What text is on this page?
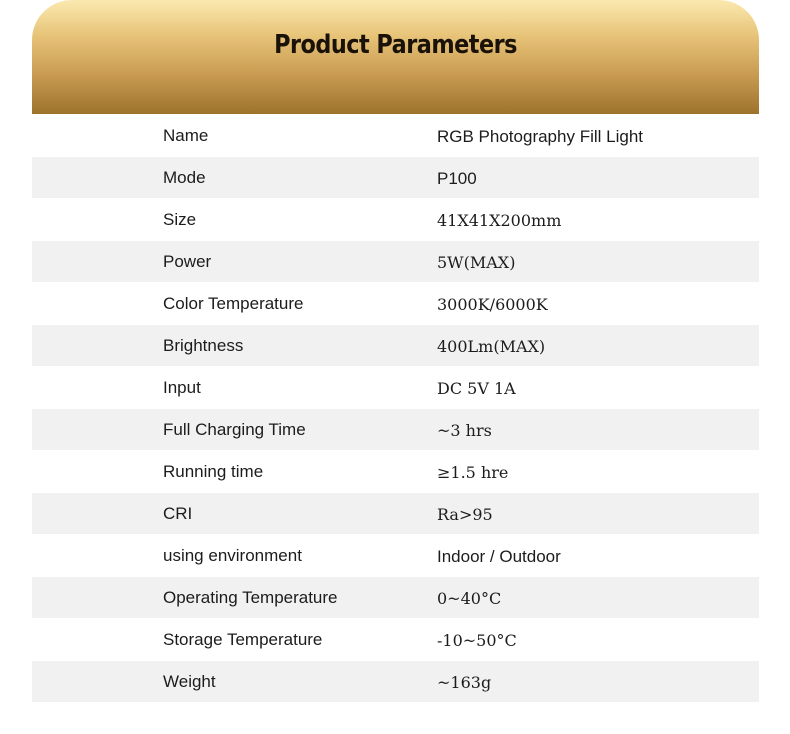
Product Parameters
Name	RGB Photography Fill Light
Mode	P100
Size	41X41X200mm
Power	5W(MAX)
Color Temperature	3000K/6000K
Brightness	400Lm(MAX)
Input	DC 5V 1A
Full Charging Time	~3 hrs
Running time	≥1.5 hre
CRI	Ra>95
using environment	Indoor / Outdoor
Operating Temperature	0~40°C
Storage Temperature	-10~50°C
Weight	~163g
